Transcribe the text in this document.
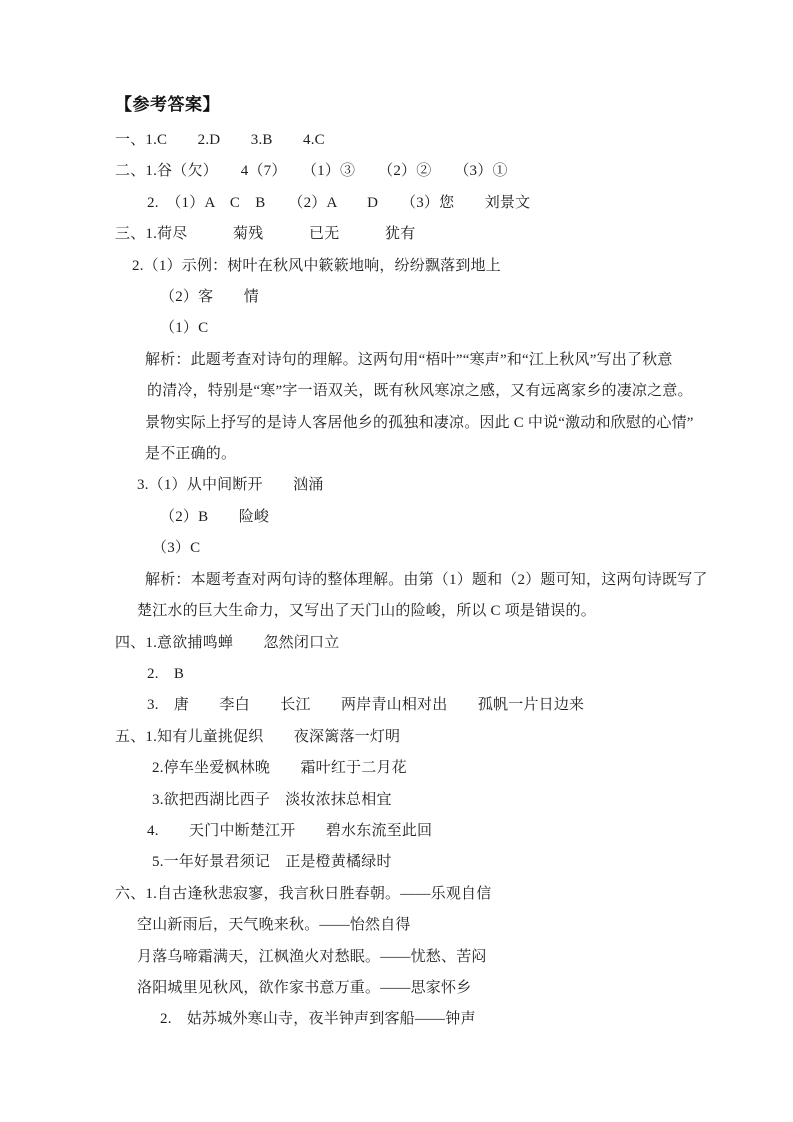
【参考答案】
一、1.C　　2.D　　3.B　　4.C
二、1.谷（欠）　　4（7）　　（1）③　　（2）②　　（3）①
2.　（1）A　C　B　　（2）A　　D　　（3）您　　刘景文
三、1.荷尽　　　菊残　　　已无　　　犹有
2.（1）示例：树叶在秋风中簌簌地响，纷纷飘落到地上
（2）客　　情
（1）C
解析：此题考查对诗句的理解。这两句用“梧叶”“寒声”和“江上秋风”写出了秋意
的清冷，特别是“寒”字一语双关，既有秋风寒凉之感，又有远离家乡的凄凉之意。
景物实际上抒写的是诗人客居他乡的孤独和凄凉。因此 C 中说“激动和欣慰的心情”
是不正确的。
3.（1）从中间断开　　汹涌
（2）B　　险峻
（3）C
解析：本题考查对两句诗的整体理解。由第（1）题和（2）题可知，这两句诗既写了
楚江水的巨大生命力，又写出了天门山的险峻，所以 C 项是错误的。
四、1.意欲捕鸣蝉　　忽然闭口立
2.　B
3.　唐　　李白　　长江　　两岸青山相对出　　孤帆一片日边来
五、1.知有儿童挑促织　　夜深篱落一灯明
2.停车坐爱枫林晚　　霜叶红于二月花
3.欲把西湖比西子　淡妆浓抹总相宜
4.　　天门中断楚江开　　碧水东流至此回
5.一年好景君须记　正是橙黄橘绿时
六、1.自古逢秋悲寂寥，我言秋日胜春朝。——乐观自信
空山新雨后，天气晚来秋。——怡然自得
月落乌啼霜满天，江枫渔火对愁眠。——忧愁、苦闷
洛阳城里见秋风，欲作家书意万重。——思家怀乡
2.　姑苏城外寒山寺，夜半钟声到客船——钟声
